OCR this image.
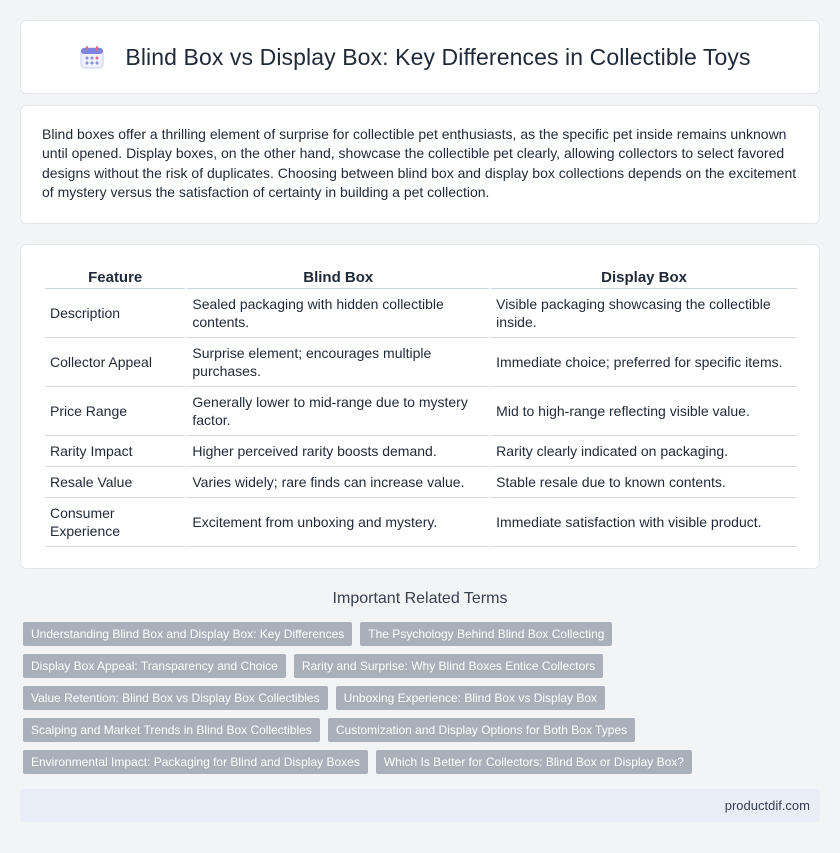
Blind Box vs Display Box: Key Differences in Collectible Toys

Blind boxes offer a thrilling element of surprise for collectible pet enthusiasts, as the specific pet inside remains unknown until opened. Display boxes, on the other hand, showcase the collectible pet clearly, allowing collectors to select favored designs without the risk of duplicates. Choosing between blind box and display box collections depends on the excitement of mystery versus the satisfaction of certainty in building a pet collection.

Feature	Blind Box	Display Box
Description	Sealed packaging with hidden collectible contents.	Visible packaging showcasing the collectible inside.
Collector Appeal	Surprise element; encourages multiple purchases.	Immediate choice; preferred for specific items.
Price Range	Generally lower to mid-range due to mystery factor.	Mid to high-range reflecting visible value.
Rarity Impact	Higher perceived rarity boosts demand.	Rarity clearly indicated on packaging.
Resale Value	Varies widely; rare finds can increase value.	Stable resale due to known contents.
Consumer Experience	Excitement from unboxing and mystery.	Immediate satisfaction with visible product.
Important Related Terms
Understanding Blind Box and Display Box: Key Differences	The Psychology Behind Blind Box Collecting
Display Box Appeal: Transparency and Choice	Rarity and Surprise: Why Blind Boxes Entice Collectors
Value Retention: Blind Box vs Display Box Collectibles	Unboxing Experience: Blind Box vs Display Box
Scalping and Market Trends in Blind Box Collectibles	Customization and Display Options for Both Box Types
Environmental Impact: Packaging for Blind and Display Boxes	Which Is Better for Collectors: Blind Box or Display Box?
productdif.com
